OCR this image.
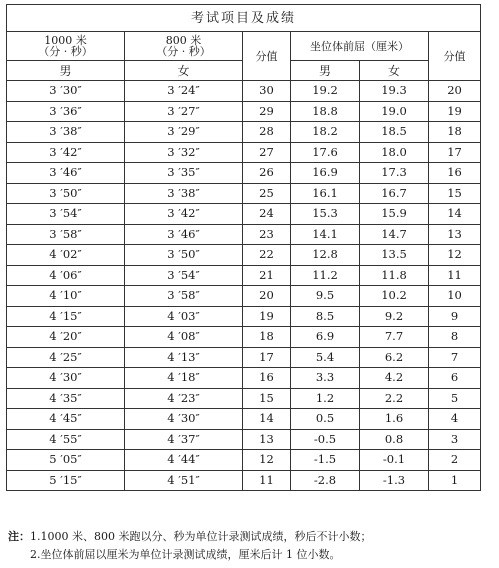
考试项目及成绩					

1000 米
（分 · 秒）	800 米
（分 · 秒）	分值	坐位体前屈（厘米）		分值
男	女		男	女	
3 ′30″	3 ′24″	30	19.2	19.3	20
3 ′36″	3 ′27″	29	18.8	19.0	19
3 ′38″	3 ′29″	28	18.2	18.5	18
3 ′42″	3 ′32″	27	17.6	18.0	17
3 ′46″	3 ′35″	26	16.9	17.3	16
3 ′50″	3 ′38″	25	16.1	16.7	15
3 ′54″	3 ′42″	24	15.3	15.9	14
3 ′58″	3 ′46″	23	14.1	14.7	13
4 ′02″	3 ′50″	22	12.8	13.5	12
4 ′06″	3 ′54″	21	11.2	11.8	11
4 ′10″	3 ′58″	20	9.5	10.2	10
4 ′15″	4 ′03″	19	8.5	9.2	9
4 ′20″	4 ′08″	18	6.9	7.7	8
4 ′25″	4 ′13″	17	5.4	6.2	7
4 ′30″	4 ′18″	16	3.3	4.2	6
4 ′35″	4 ′23″	15	1.2	2.2	5
4 ′45″	4 ′30″	14	0.5	1.6	4
4 ′55″	4 ′37″	13	-0.5	0.8	3
5 ′05″	4 ′44″	12	-1.5	-0.1	2
5 ′15″	4 ′51″	11	-2.8	-1.3	1
注：1.1000 米、800 米跑以分、秒为单位计录测试成绩，秒后不计小数；
2.坐位体前屈以厘米为单位计录测试成绩，厘米后计 1 位小数。
